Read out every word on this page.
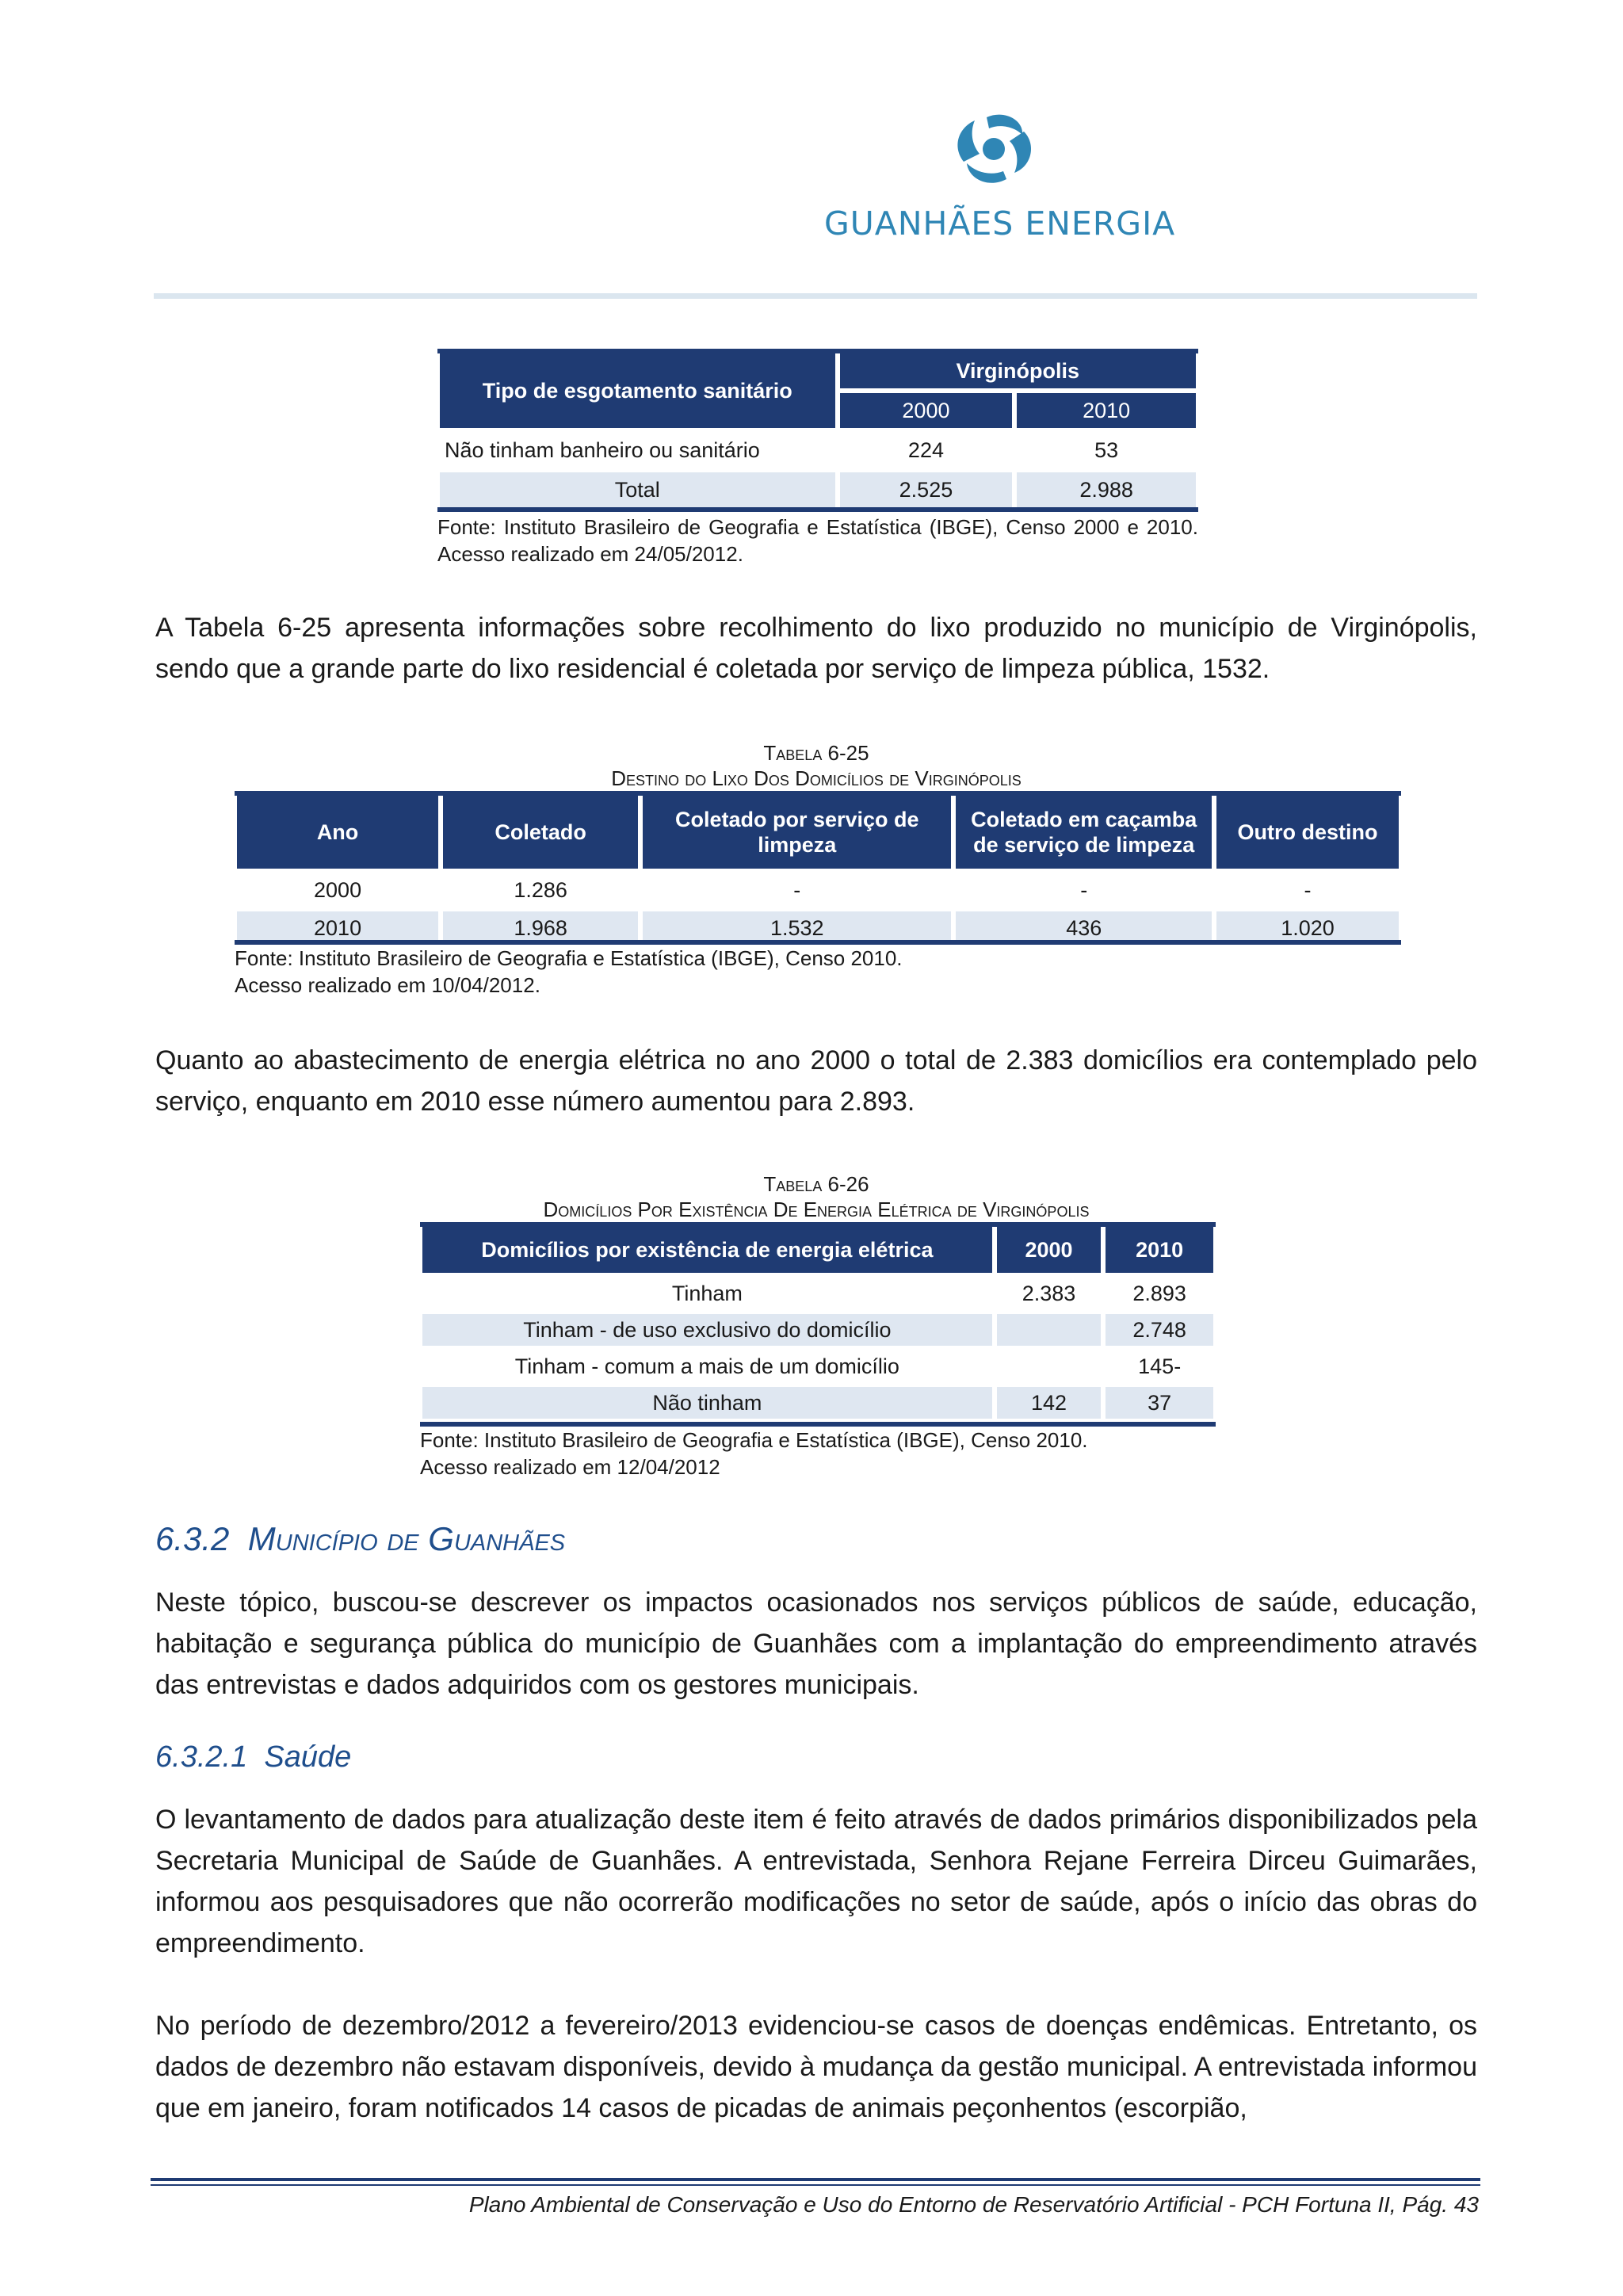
GUANHÃES ENERGIA
Tipo de esgotamento sanitário	Virginópolis	
	2000	2010
Não tinham banheiro ou sanitário	224	53
Total	2.525	2.988
Fonte: Instituto Brasileiro de Geografia e Estatística (IBGE), Censo 2000 e 2010. Acesso realizado em 24/05/2012.
A Tabela 6-25 apresenta informações sobre recolhimento do lixo produzido no município de Virginópolis, sendo que a grande parte do lixo residencial é coletada por serviço de limpeza pública, 1532.
Tabela 6-25
Destino do Lixo Dos Domicílios de Virginópolis
Ano	Coletado	Coletado por serviço de limpeza	Coletado em caçamba de serviço de limpeza	Outro destino
2000	1.286	-	-	-
2010	1.968	1.532	436	1.020
Fonte: Instituto Brasileiro de Geografia e Estatística (IBGE), Censo 2010.
Acesso realizado em 10/04/2012.
Quanto ao abastecimento de energia elétrica no ano 2000 o total de 2.383 domicílios era contemplado pelo serviço, enquanto em 2010 esse número aumentou para 2.893.
Tabela 6-26
Domicílios Por Existência De Energia Elétrica de Virginópolis
Domicílios por existência de energia elétrica	2000	2010
Tinham	2.383	2.893
Tinham - de uso exclusivo do domicílio		2.748
Tinham - comum a mais de um domicílio		145-
Não tinham	142	37
Fonte: Instituto Brasileiro de Geografia e Estatística (IBGE), Censo 2010.
Acesso realizado em 12/04/2012
6.3.2 Município de Guanhães
Neste tópico, buscou-se descrever os impactos ocasionados nos serviços públicos de saúde, educação, habitação e segurança pública do município de Guanhães com a implantação do empreendimento através das entrevistas e dados adquiridos com os gestores municipais.
6.3.2.1 Saúde
O levantamento de dados para atualização deste item é feito através de dados primários disponibilizados pela Secretaria Municipal de Saúde de Guanhães. A entrevistada, Senhora Rejane Ferreira Dirceu Guimarães, informou aos pesquisadores que não ocorrerão modificações no setor de saúde, após o início das obras do empreendimento.
No período de dezembro/2012 a fevereiro/2013 evidenciou-se casos de doenças endêmicas. Entretanto, os dados de dezembro não estavam disponíveis, devido à mudança da gestão municipal. A entrevistada informou que em janeiro, foram notificados 14 casos de picadas de animais peçonhentos (escorpião,
Plano Ambiental de Conservação e Uso do Entorno de Reservatório Artificial - PCH Fortuna II, Pág. 43
